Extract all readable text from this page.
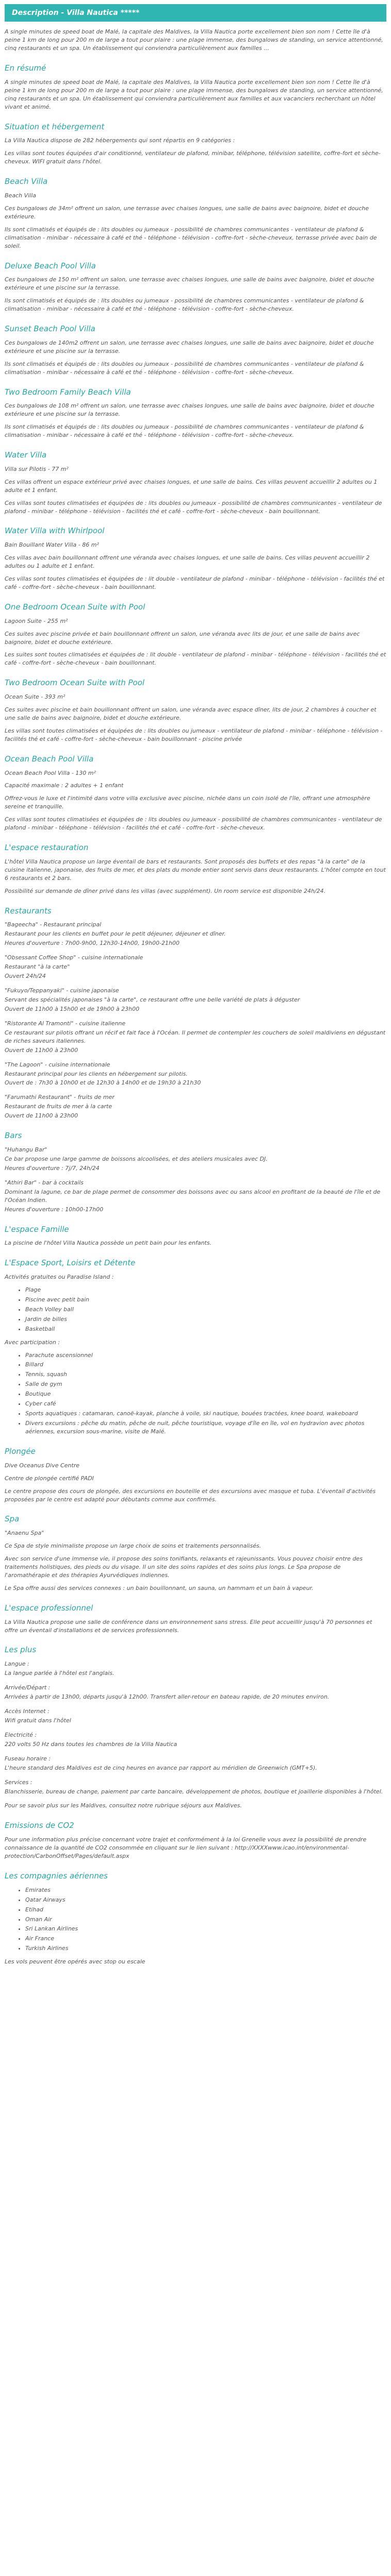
Description - Villa Nautica *****

A single minutes de speed boat de Malé, la capitale des Maldives, la Villa Nautica porte excellement bien son nom ! Cette île d'à peine 1 km de long pour 200 m de large a tout pour plaire : une plage immense, des bungalows de standing, un service attentionné, cinq restaurants et un spa. Un établissement qui conviendra particulièrement aux familles ...

En résumé

A single minutes de speed boat de Malé, la capitale des Maldives, la Villa Nautica porte excellement bien son nom ! Cette île d'à peine 1 km de long pour 200 m de large a tout pour plaire : une plage immense, des bungalows de standing, un service attentionné, cinq restaurants et un spa. Un établissement qui conviendra particulièrement aux familles et aux vacanciers recherchant un hôtel vivant et animé.

Situation et hébergement

La Villa Nautica dispose de 282 hébergements qui sont répartis en 9 catégories :

Les villas sont toutes équipées d'air conditionné, ventilateur de plafond, minibar, téléphone, télévision satellite, coffre-fort et sèche-cheveux. WIFI gratuit dans l'hôtel.

Beach Villa

Beach Villa

Ces bungalows de 34m² offrent un salon, une terrasse avec chaises longues, une salle de bains avec baignoire, bidet et douche extérieure.

Ils sont climatisés et équipés de : lits doubles ou jumeaux - possibilité de chambres communicantes - ventilateur de plafond & climatisation - minibar - nécessaire à café et thé - téléphone - télévision - coffre-fort - sèche-cheveux, terrasse privée avec bain de soleil.

Deluxe Beach Pool Villa

Ces bungalows de 150 m² offrent un salon, une terrasse avec chaises longues, une salle de bains avec baignoire, bidet et douche extérieure et une piscine sur la terrasse.

Ils sont climatisés et équipés de : lits doubles ou jumeaux - possibilité de chambres communicantes - ventilateur de plafond & climatisation - minibar - nécessaire à café et thé - téléphone - télévision - coffre-fort - sèche-cheveux.

Sunset Beach Pool Villa

Ces bungalows de 140m2 offrent un salon, une terrasse avec chaises longues, une salle de bains avec baignoire, bidet et douche extérieure et une piscine sur la terrasse.

Ils sont climatisés et équipés de : lits doubles ou jumeaux - possibilité de chambres communicantes - ventilateur de plafond & climatisation - minibar - nécessaire à café et thé - téléphone - télévision - coffre-fort - sèche-cheveux.

Two Bedroom Family Beach Villa

Ces bungalows de 108 m² offrent un salon, une terrasse avec chaises longues, une salle de bains avec baignoire, bidet et douche extérieure et une piscine sur la terrasse.

Ils sont climatisés et équipés de : lits doubles ou jumeaux - possibilité de chambres communicantes - ventilateur de plafond & climatisation - minibar - nécessaire à café et thé - téléphone - télévision - coffre-fort - sèche-cheveux.

Water Villa

Villa sur Pilotis - 77 m²

Ces villas offrent un espace extérieur privé avec chaises longues, et une salle de bains. Ces villas peuvent accueillir 2 adultes ou 1 adulte et 1 enfant.

Ces villas sont toutes climatisées et équipées de : lits doubles ou jumeaux - possibilité de chambres communicantes - ventilateur de plafond - minibar - téléphone - télévision - facilités thé et café - coffre-fort - sèche-cheveux - bain bouillonnant.

Water Villa with Whirlpool

Bain Bouillant Water Villa - 86 m²

Ces villas avec bain bouillonnant offrent une véranda avec chaises longues, et une salle de bains. Ces villas peuvent accueillir 2 adultes ou 1 adulte et 1 enfant.

Ces villas sont toutes climatisées et équipées de : lit double - ventilateur de plafond - minibar - téléphone - télévision - facilités thé et café - coffre-fort - sèche-cheveux - bain bouillonnant.

One Bedroom Ocean Suite with Pool

Lagoon Suite - 255 m²

Ces suites avec piscine privée et bain bouillonnant offrent un salon, une véranda avec lits de jour, et une salle de bains avec baignoire, bidet et douche extérieure.

Les suites sont toutes climatisées et équipées de : lit double - ventilateur de plafond - minibar - téléphone - télévision - facilités thé et café - coffre-fort - sèche-cheveux - bain bouillonnant.

Two Bedroom Ocean Suite with Pool

Ocean Suite - 393 m²

Ces suites avec piscine et bain bouillonnant offrent un salon, une véranda avec espace dîner, lits de jour, 2 chambres à coucher et une salle de bains avec baignoire, bidet et douche extérieure.

Les villas sont toutes climatisées et équipées de : lits doubles ou jumeaux - ventilateur de plafond - minibar - téléphone - télévision - facilités thé et café - coffre-fort - sèche-cheveux - bain bouillonnant - piscine privée

Ocean Beach Pool Villa

Ocean Beach Pool Villa - 130 m²

Capacité maximale : 2 adultes + 1 enfant

Offrez-vous le luxe et l'intimité dans votre villa exclusive avec piscine, nichée dans un coin isolé de l'île, offrant une atmosphère sereine et tranquille.

Ces villas sont toutes climatisées et équipées de : lits doubles ou jumeaux - possibilité de chambres communicantes - ventilateur de plafond - minibar - téléphone - télévision - facilités thé et café - coffre-fort - sèche-cheveux.

L'espace restauration

L'hôtel Villa Nautica propose un large éventail de bars et restaurants. Sont proposés des buffets et des repas "à la carte" de la cuisine italienne, japonaise, des fruits de mer, et des plats du monde entier sont servis dans deux restaurants. L'hôtel compte en tout 6 restaurants et 2 bars.

Possibilité sur demande de dîner privé dans les villas (avec supplément). Un room service est disponible 24h/24.

Restaurants

"Bageecha" - Restaurant principal

Restaurant pour les clients en buffet pour le petit déjeuner, déjeuner et dîner.

Heures d'ouverture : 7h00-9h00, 12h30-14h00, 19h00-21h00

"Obsessant Coffee Shop" - cuisine internationale

Restaurant "à la carte"

Ouvert 24h/24

"Fukuyo/Teppanyaki" - cuisine japonaise

Servant des spécialités japonaises "à la carte", ce restaurant offre une belle variété de plats à déguster

Ouvert de 11h00 à 15h00 et de 19h00 à 23h00

"Ristorante Al Tramonti" - cuisine italienne

Ce restaurant sur pilotis offrant un récif et fait face à l'Océan. Il permet de contempler les couchers de soleil maldiviens en dégustant de riches saveurs italiennes.

Ouvert de 11h00 à 23h00

"The Lagoon" - cuisine internationale

Restaurant principal pour les clients en hébergement sur pilotis.

Ouvert de : 7h30 à 10h00 et de 12h30 à 14h00 et de 19h30 à 21h30

"Farumathi Restaurant" - fruits de mer

Restaurant de fruits de mer à la carte

Ouvert de 11h00 à 23h00

Bars

"Huhangu Bar"

Ce bar propose une large gamme de boissons alcoolisées, et des ateliers musicales avec DJ.

Heures d'ouverture : 7j/7, 24h/24

"Athiri Bar" - bar à cocktails

Dominant la lagune, ce bar de plage permet de consommer des boissons avec ou sans alcool en profitant de la beauté de l'île et de l'Océan Indien.

Heures d'ouverture : 10h00-17h00

L'espace Famille

La piscine de l'hôtel Villa Nautica possède un petit bain pour les enfants.

L'Espace Sport, Loisirs et Détente

Activités gratuites ou Paradise Island :

• Plage
• Piscine avec petit bain
• Beach Volley ball
• Jardin de billes
• Basketball

Avec participation :

• Parachute ascensionnel
• Billard
• Tennis, squash
• Salle de gym
• Boutique
• Cyber café
• Sports aquatiques : catamaran, canoë-kayak, planche à voile, ski nautique, bouées tractées, knee board, wakeboard
• Divers excursions : pêche du matin, pêche de nuit, pêche touristique, voyage d'île en île, vol en hydravion avec photos aériennes, excursion sous-marine, visite de Malé.
Plongée

Dive Oceanus Dive Centre

Centre de plongée certifié PADI

Le centre propose des cours de plongée, des excursions en bouteille et des excursions avec masque et tuba. L'éventail d'activités proposées par le centre est adapté pour débutants comme aux confirmés.

Spa

"Anaenu Spa"

Ce Spa de style minimaliste propose un large choix de soins et traitements personnalisés.

Avec son service d'une immense vie, il propose des soins tonifiants, relaxants et rajeunissants. Vous pouvez choisir entre des traitements holistiques, des pieds ou du visage. Il un site des soins rapides et des soins plus longs. Le Spa propose de l'aromathérapie et des thérapies Ayurvédiques indiennes.

Le Spa offre aussi des services connexes : un bain bouillonnant, un sauna, un hammam et un bain à vapeur.

L'espace professionnel

La Villa Nautica propose une salle de conférence dans un environnement sans stress. Elle peut accueillir jusqu'à 70 personnes et offre un éventail d'installations et de services professionnels.

Les plus

Langue :

La langue parlée à l'hôtel est l'anglais.

Arrivée/Départ :

Arrivées à partir de 13h00, départs jusqu'à 12h00. Transfert aller-retour en bateau rapide, de 20 minutes environ.

Accès Internet :

Wifi gratuit dans l'hôtel

Electricité :

220 volts 50 Hz dans toutes les chambres de la Villa Nautica

Fuseau horaire :

L'heure standard des Maldives est de cinq heures en avance par rapport au méridien de Greenwich (GMT+5).

Services :

Blanchisserie, bureau de change, paiement par carte bancaire, développement de photos, boutique et joaillerie disponibles à l'hôtel.

Pour se savoir plus sur les Maldives, consultez notre rubrique séjours aux Maldives.

Emissions de CO2

Pour une information plus précise concernant votre trajet et conformément à la loi Grenelle vous avez la possibilité de prendre connaissance de la quantité de CO2 consommée en cliquant sur le lien suivant : http://XXXXwww.icao.int/environmental-protection/CarbonOffset/Pages/default.aspx

Les compagnies aériennes
• Emirates
• Qatar Airways
• Etihad
• Oman Air
• Sri Lankan Airlines
• Air France
• Turkish Airlines

Les vols peuvent être opérés avec stop ou escale
